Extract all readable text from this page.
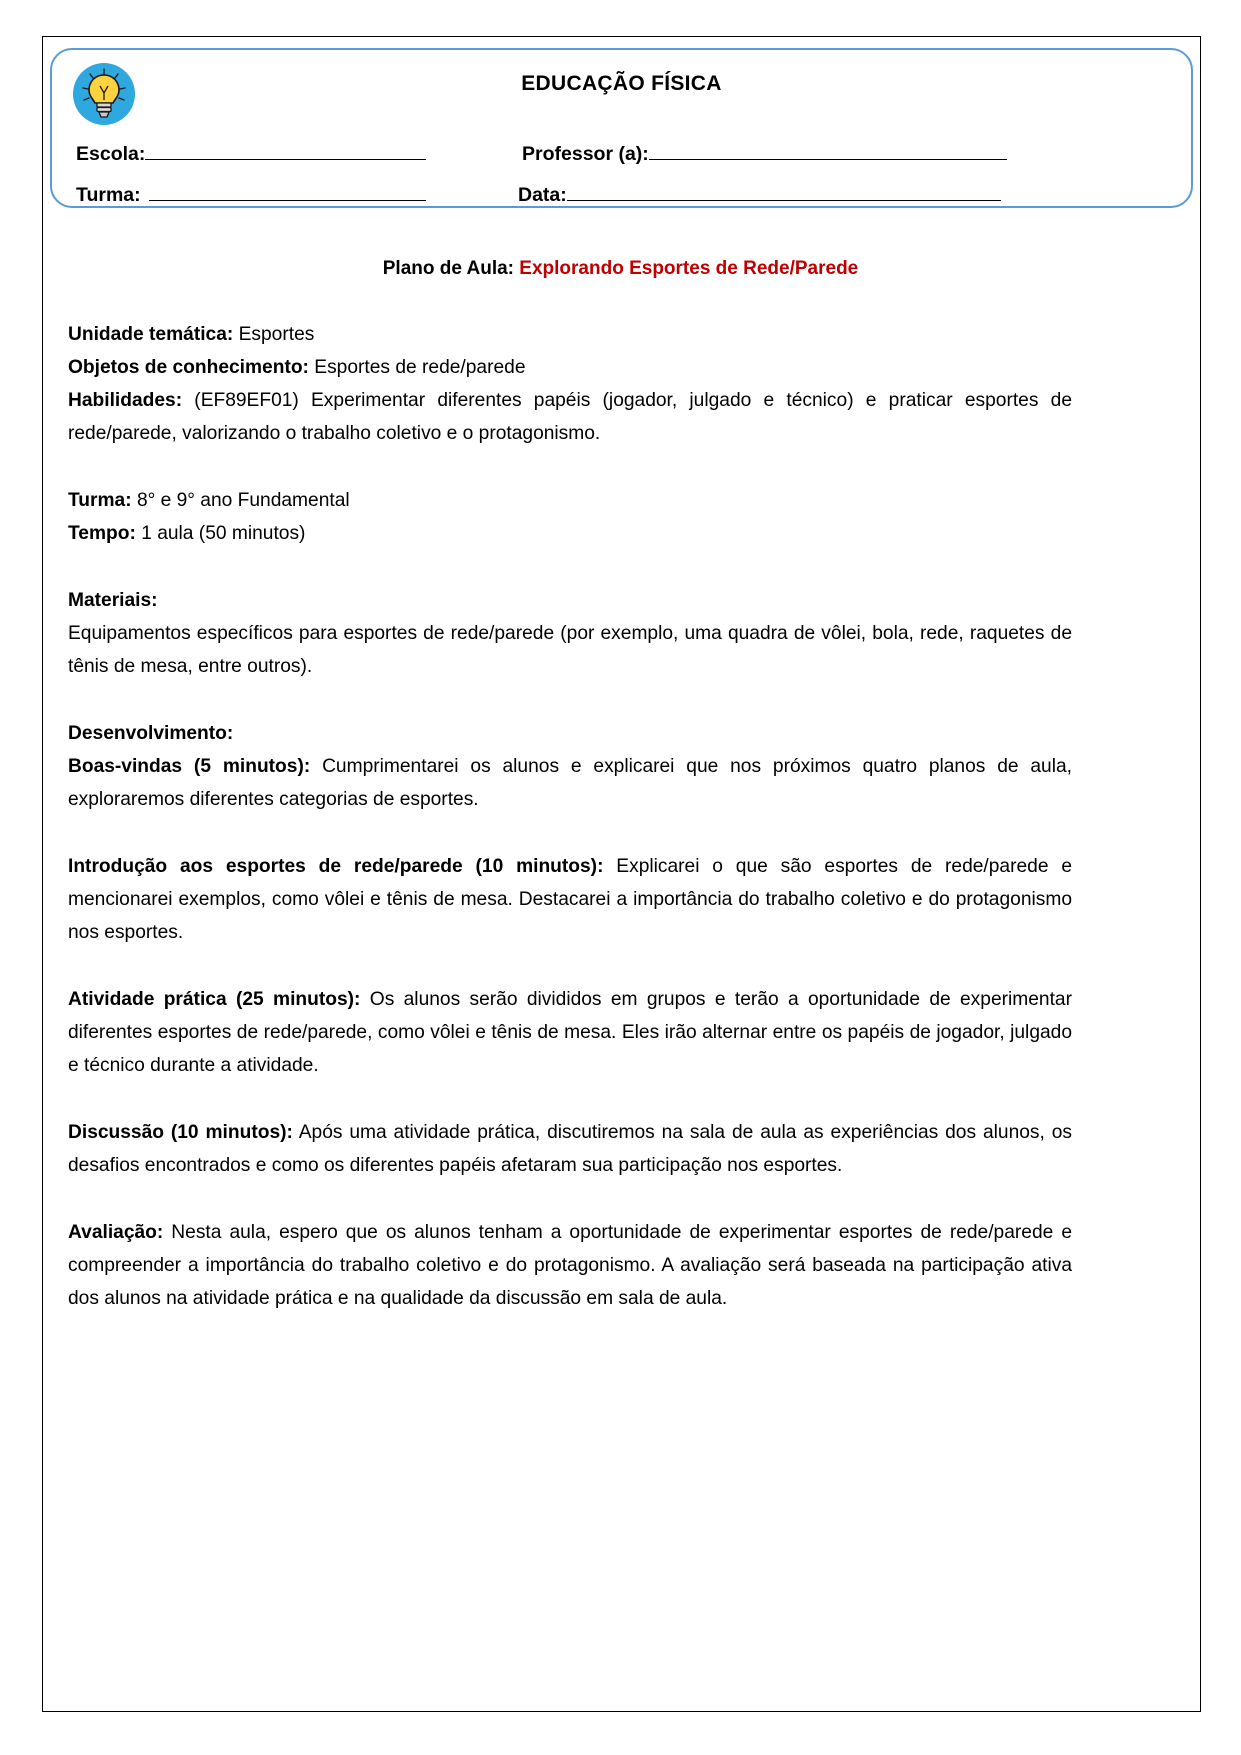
EDUCAÇÃO FÍSICA
Escola:	Professor (a):
Turma:	Data:
Plano de Aula: Explorando Esportes de Rede/Parede

Unidade temática: Esportes

Objetos de conhecimento: Esportes de rede/parede

Habilidades: (EF89EF01) Experimentar diferentes papéis (jogador, julgado e técnico) e praticar esportes de rede/parede, valorizando o trabalho coletivo e o protagonismo.

Turma: 8° e 9° ano Fundamental

Tempo: 1 aula (50 minutos)

Materiais:

Equipamentos específicos para esportes de rede/parede (por exemplo, uma quadra de vôlei, bola, rede, raquetes de tênis de mesa, entre outros).

Desenvolvimento:

Boas-vindas (5 minutos): Cumprimentarei os alunos e explicarei que nos próximos quatro planos de aula, exploraremos diferentes categorias de esportes.

Introdução aos esportes de rede/parede (10 minutos): Explicarei o que são esportes de rede/parede e mencionarei exemplos, como vôlei e tênis de mesa. Destacarei a importância do trabalho coletivo e do protagonismo nos esportes.

Atividade prática (25 minutos): Os alunos serão divididos em grupos e terão a oportunidade de experimentar diferentes esportes de rede/parede, como vôlei e tênis de mesa. Eles irão alternar entre os papéis de jogador, julgado e técnico durante a atividade.

Discussão (10 minutos): Após uma atividade prática, discutiremos na sala de aula as experiências dos alunos, os desafios encontrados e como os diferentes papéis afetaram sua participação nos esportes.

Avaliação: Nesta aula, espero que os alunos tenham a oportunidade de experimentar esportes de rede/parede e compreender a importância do trabalho coletivo e do protagonismo. A avaliação será baseada na participação ativa dos alunos na atividade prática e na qualidade da discussão em sala de aula.
